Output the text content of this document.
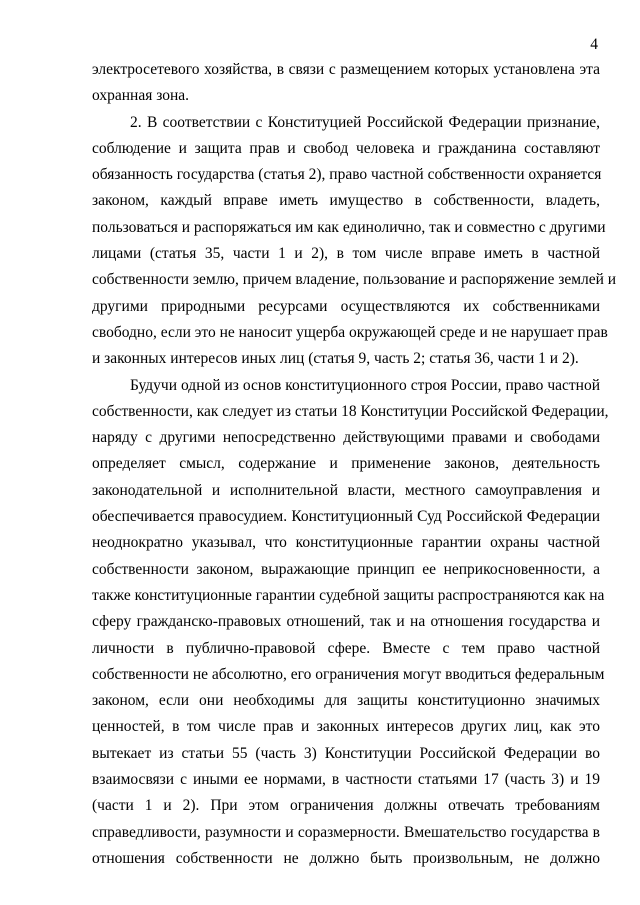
4
электросетевого хозяйства, в связи с размещением которых установлена эта
охранная зона.
2. В соответствии с Конституцией Российской Федерации признание,
соблюдение и защита прав и свобод человека и гражданина составляют
обязанность государства (статья 2), право частной собственности охраняется
законом, каждый вправе иметь имущество в собственности, владеть,
пользоваться и распоряжаться им как единолично, так и совместно с другими
лицами (статья 35, части 1 и 2), в том числе вправе иметь в частной
собственности землю, причем владение, пользование и распоряжение землей и
другими природными ресурсами осуществляются их собственниками
свободно, если это не наносит ущерба окружающей среде и не нарушает прав
и законных интересов иных лиц (статья 9, часть 2; статья 36, части 1 и 2).
Будучи одной из основ конституционного строя России, право частной
собственности, как следует из статьи 18 Конституции Российской Федерации,
наряду с другими непосредственно действующими правами и свободами
определяет смысл, содержание и применение законов, деятельность
законодательной и исполнительной власти, местного самоуправления и
обеспечивается правосудием. Конституционный Суд Российской Федерации
неоднократно указывал, что конституционные гарантии охраны частной
собственности законом, выражающие принцип ее неприкосновенности, а
также конституционные гарантии судебной защиты распространяются как на
сферу гражданско-правовых отношений, так и на отношения государства и
личности в публично-правовой сфере. Вместе с тем право частной
собственности не абсолютно, его ограничения могут вводиться федеральным
законом, если они необходимы для защиты конституционно значимых
ценностей, в том числе прав и законных интересов других лиц, как это
вытекает из статьи 55 (часть 3) Конституции Российской Федерации во
взаимосвязи с иными ее нормами, в частности статьями 17 (часть 3) и 19
(части 1 и 2). При этом ограничения должны отвечать требованиям
справедливости, разумности и соразмерности. Вмешательство государства в
отношения собственности не должно быть произвольным, не должно
